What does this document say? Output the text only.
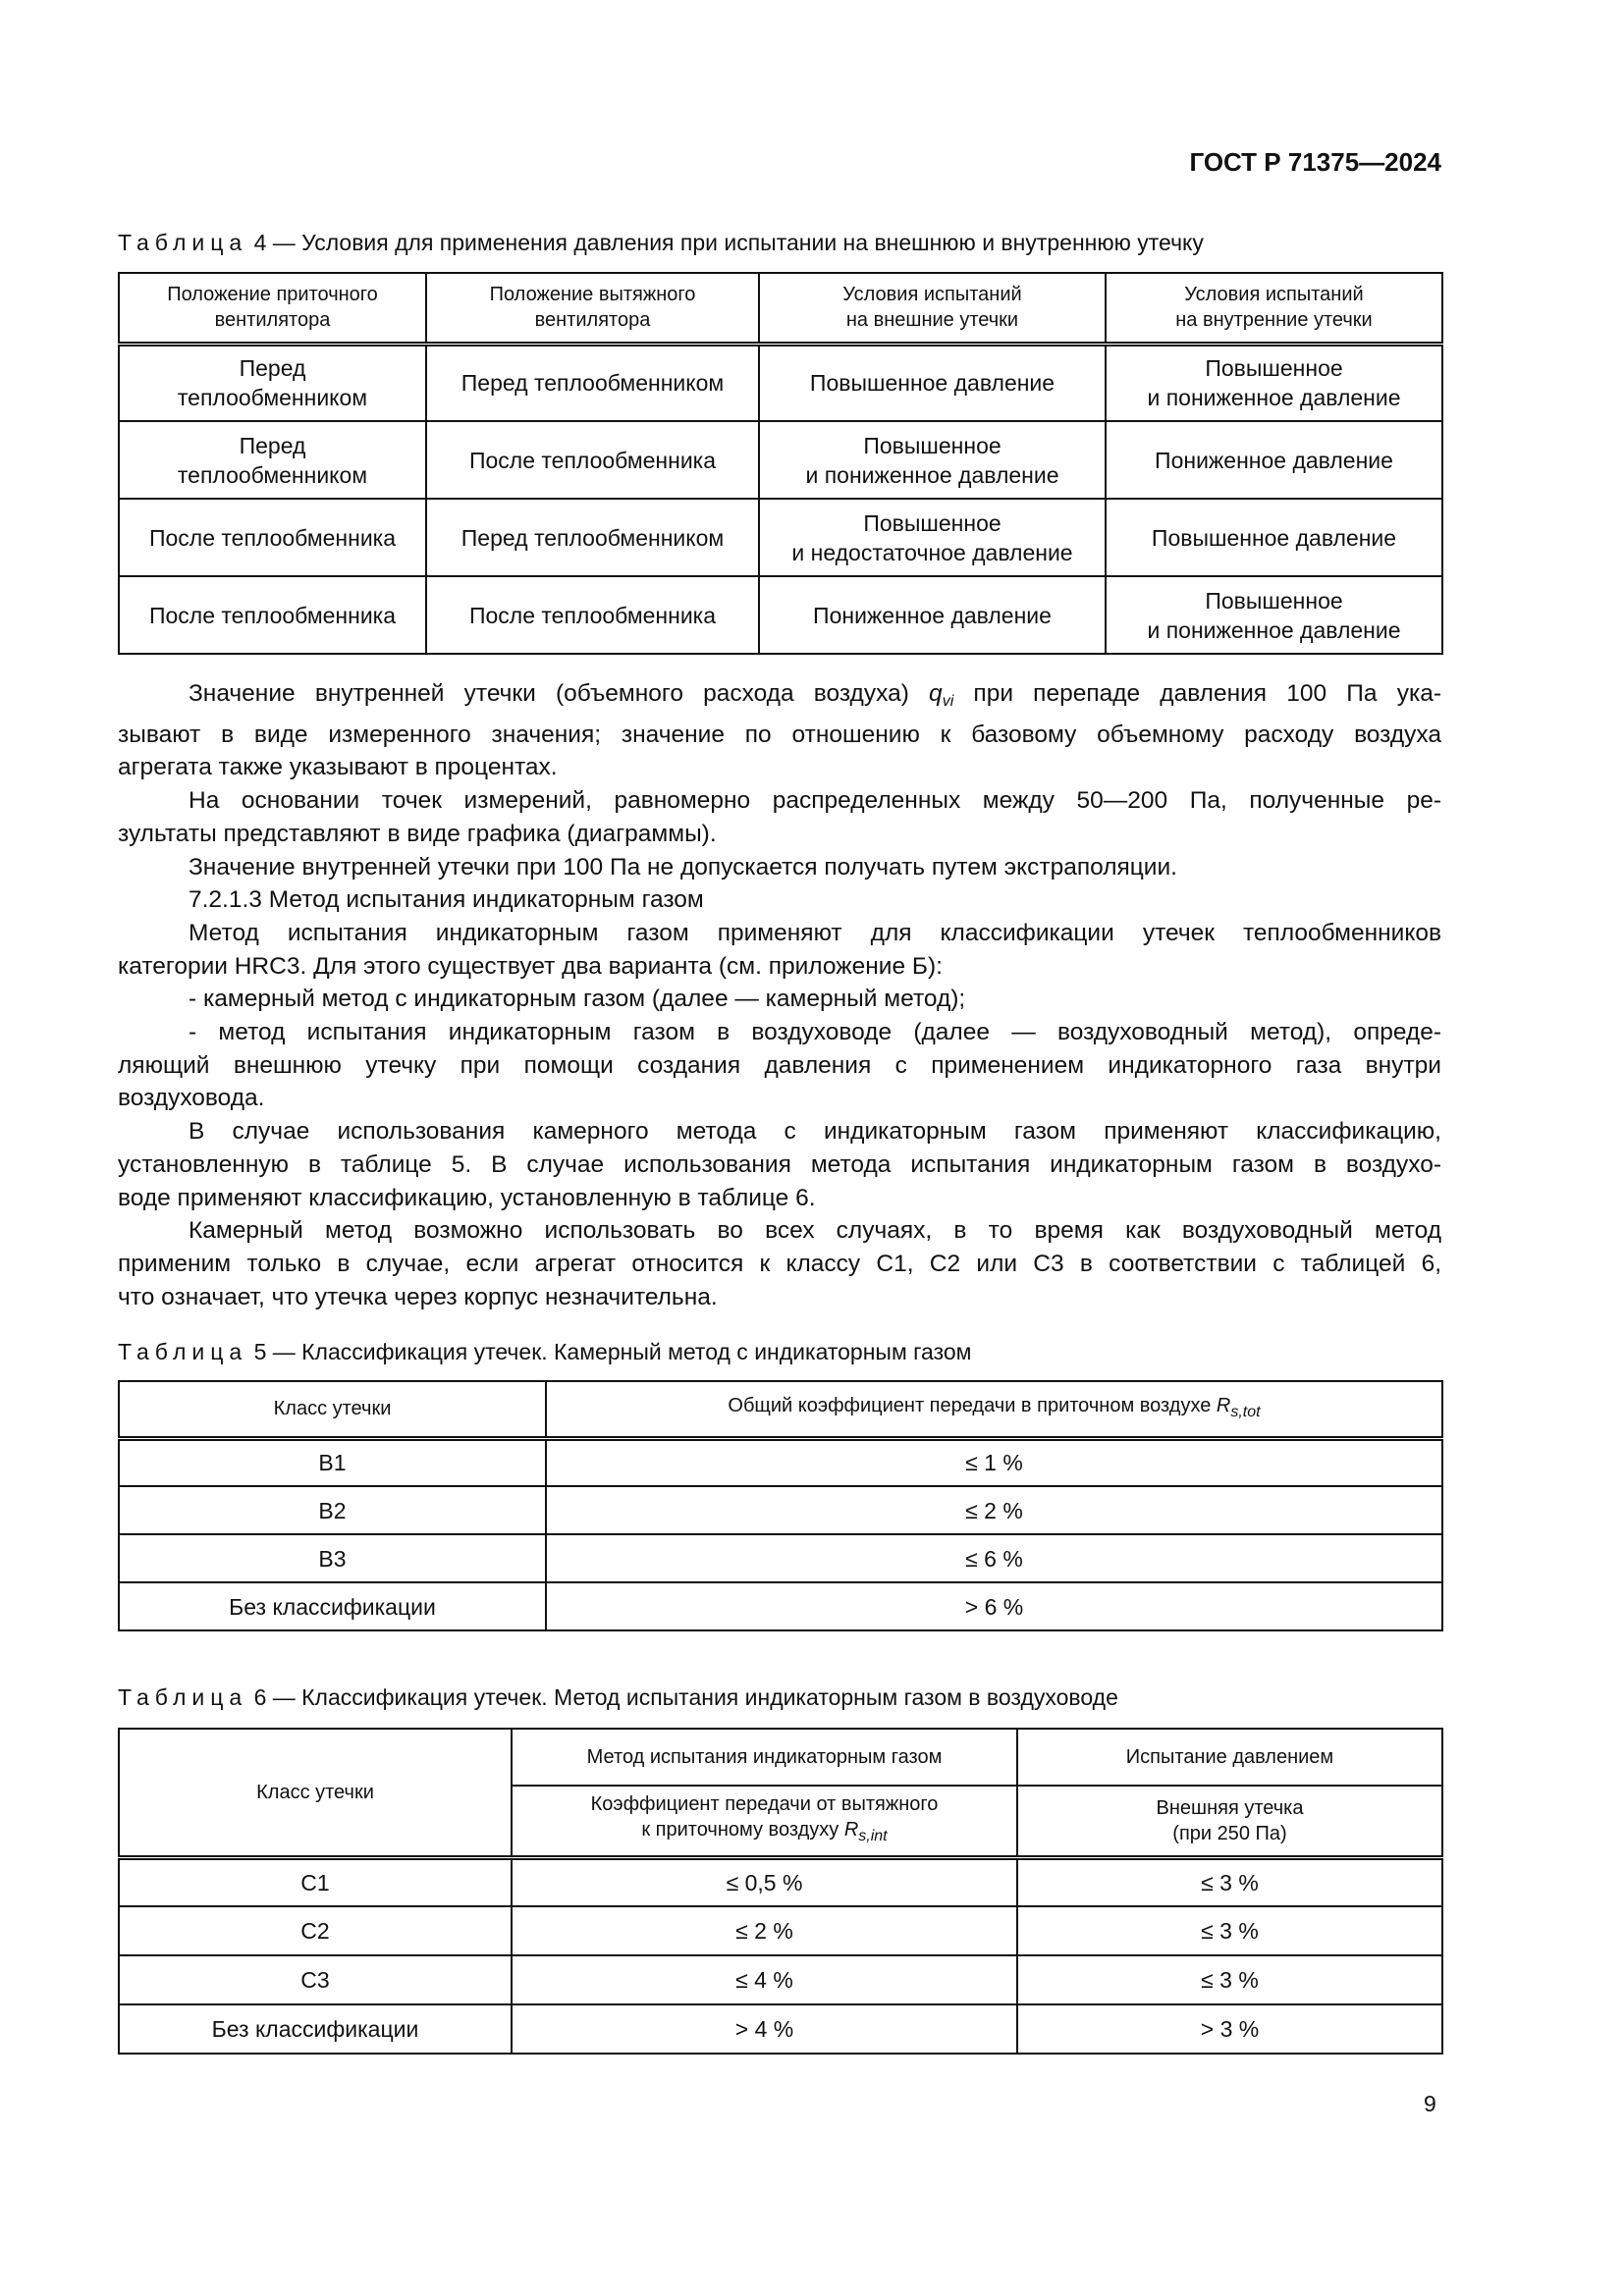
ГОСТ Р 71375—2024
Таблица 4 — Условия для применения давления при испытании на внешнюю и внутреннюю утечку
Положение приточного
вентилятора	Положение вытяжного
вентилятора	Условия испытаний
на внешние утечки	Условия испытаний
на внутренние утечки
Перед
теплообменником	Перед теплообменником	Повышенное давление	Повышенное
и пониженное давление
Перед
теплообменником	После теплообменника	Повышенное
и пониженное давление	Пониженное давление
После теплообменника	Перед теплообменником	Повышенное
и недостаточное давление	Повышенное давление
После теплообменника	После теплообменника	Пониженное давление	Повышенное
и пониженное давление
Значение внутренней утечки (объемного расхода воздуха) $q_{vi}$ при перепаде давления 100 Па ука-
зывают в виде измеренного значения; значение по отношению к базовому объемному расходу воздуха
агрегата также указывают в процентах.
На основании точек измерений, равномерно распределенных между 50—200 Па, полученные ре-
зультаты представляют в виде графика (диаграммы).
Значение внутренней утечки при 100 Па не допускается получать путем экстраполяции.
7.2.1.3 Метод испытания индикаторным газом
Метод испытания индикаторным газом применяют для классификации утечек теплообменников
категории HRC3. Для этого существует два варианта (см. приложение Б):
- камерный метод с индикаторным газом (далее — камерный метод);
- метод испытания индикаторным газом в воздуховоде (далее — воздуховодный метод), опреде-
ляющий внешнюю утечку при помощи создания давления с применением индикаторного газа внутри
воздуховода.
В случае использования камерного метода с индикаторным газом применяют классификацию,
установленную в таблице 5. В случае использования метода испытания индикаторным газом в воздухо-
воде применяют классификацию, установленную в таблице 6.
Камерный метод возможно использовать во всех случаях, в то время как воздуховодный метод
применим только в случае, если агрегат относится к классу С1, С2 или С3 в соответствии с таблицей 6,
что означает, что утечка через корпус незначительна.
Таблица 5 — Классификация утечек. Камерный метод с индикаторным газом
Класс утечки	Общий коэффициент передачи в приточном воздухе $R_{s,tot}$
B1	≤ 1 %
B2	≤ 2 %
B3	≤ 6 %
Без классификации	> 6 %
Таблица 6 — Классификация утечек. Метод испытания индикаторным газом в воздуховоде
Класс утечки	Метод испытания индикаторным газом	Испытание давлением
	Коэффициент передачи от вытяжного
к приточному воздуху $R_{s,int}$	Внешняя утечка
(при 250 Па)
С1	≤ 0,5 %	≤ 3 %
С2	≤ 2 %	≤ 3 %
С3	≤ 4 %	≤ 3 %
Без классификации	> 4 %	> 3 %
9
